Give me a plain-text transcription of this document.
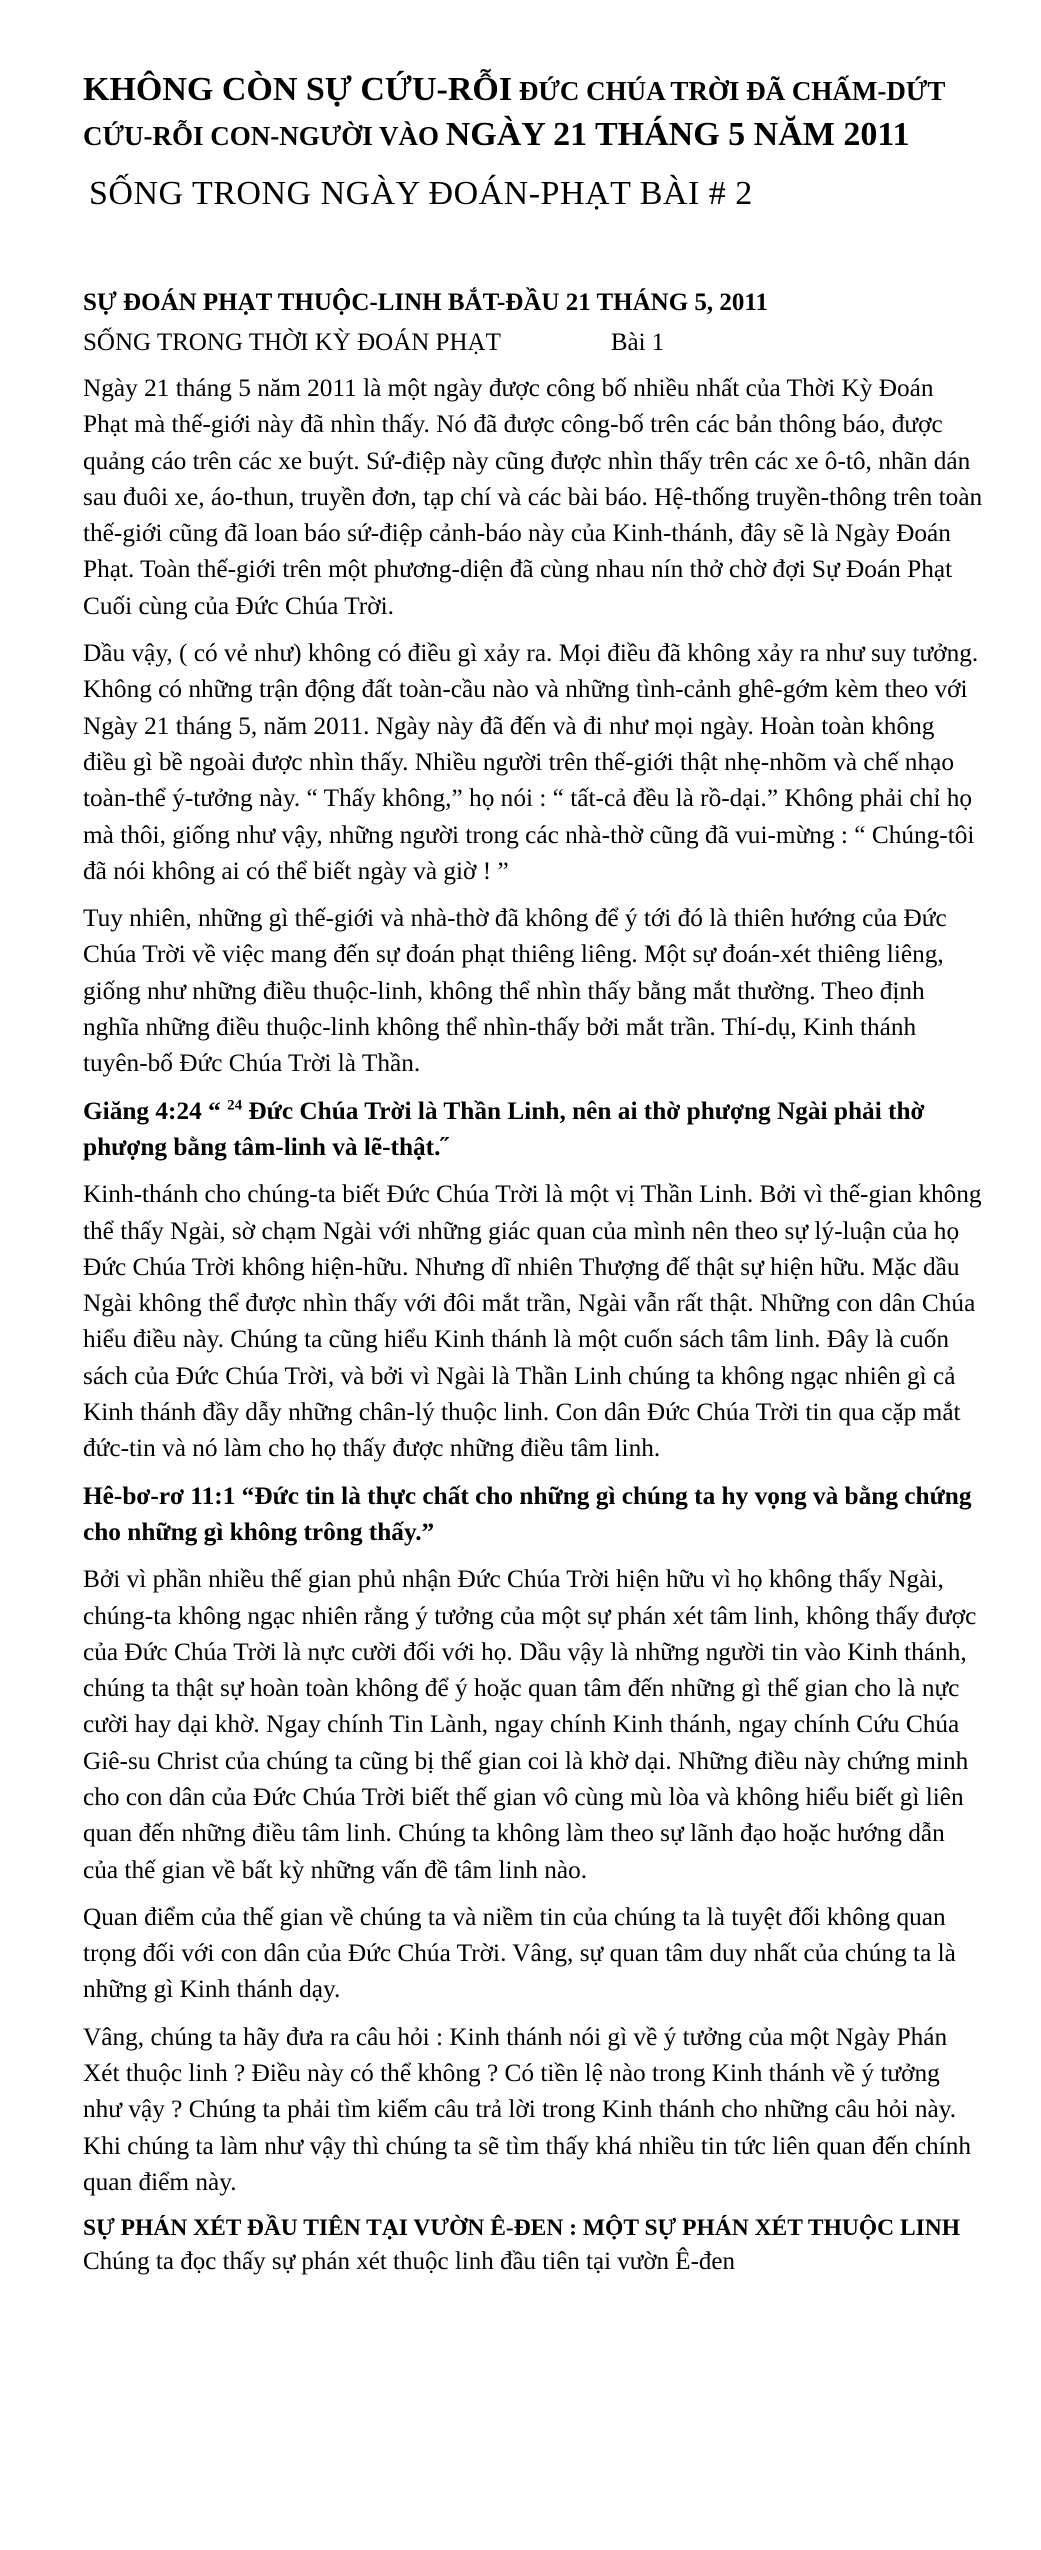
KHÔNG CÒN SỰ CỨU-RỖI ĐỨC CHÚA TRỜI ĐÃ CHẤM-DỨT CỨU-RỖI CON-NGƯỜI VÀO NGÀY 21 THÁNG 5 NĂM 2011
SỐNG TRONG NGÀY ĐOÁN-PHẠT BÀI # 2
SỰ ĐOÁN PHẠT THUỘC-LINH BẮT-ĐẦU 21 THÁNG 5, 2011
SỐNG TRONG THỜI KỲ ĐOÁN PHẠT	Bài 1

Ngày 21 tháng 5 năm 2011 là một ngày được công bố nhiều nhất của Thời Kỳ Đoán Phạt mà thế-giới này đã nhìn thấy. Nó đã được công-bố trên các bản thông báo, được quảng cáo trên các xe buýt. Sứ-điệp này cũng được nhìn thấy trên các xe ô-tô, nhãn dán sau đuôi xe, áo-thun, truyền đơn, tạp chí và các bài báo. Hệ-thống truyền-thông trên toàn thế-giới cũng đã loan báo sứ-điệp cảnh-báo này của Kinh-thánh, đây sẽ là Ngày Đoán Phạt. Toàn thế-giới trên một phương-diện đã cùng nhau nín thở chờ đợi Sự Đoán Phạt Cuối cùng của Đức Chúa Trời.

Dầu vậy, ( có vẻ như) không có điều gì xảy ra. Mọi điều đã không xảy ra như suy tưởng. Không có những trận động đất toàn-cầu nào và những tình-cảnh ghê-gớm kèm theo với Ngày 21 tháng 5, năm 2011. Ngày này đã đến và đi như mọi ngày. Hoàn toàn không điều gì bề ngoài được nhìn thấy. Nhiều người trên thế-giới thật nhẹ-nhõm và chế nhạo toàn-thể ý-tưởng này. “ Thấy không,” họ nói : “ tất-cả đều là rồ-dại.” Không phải chỉ họ mà thôi, giống như vậy, những người trong các nhà-thờ cũng đã vui-mừng : “ Chúng-tôi đã nói không ai có thể biết ngày và giờ ! ”

Tuy nhiên, những gì thế-giới và nhà-thờ đã không để ý tới đó là thiên hướng của Đức Chúa Trời về việc mang đến sự đoán phạt thiêng liêng. Một sự đoán-xét thiêng liêng, giống như những điều thuộc-linh, không thể nhìn thấy bằng mắt thường. Theo định nghĩa những điều thuộc-linh không thể nhìn-thấy bởi mắt trần. Thí-dụ, Kinh thánh tuyên-bố Đức Chúa Trời là Thần.

Giăng 4:24 “ $^{24}$ Đức Chúa Trời là Thần Linh, nên ai thờ phượng Ngài phải thờ phượng bằng tâm-linh và lẽ-thật.˝

Kinh-thánh cho chúng-ta biết Đức Chúa Trời là một vị Thần Linh. Bởi vì thế-gian không thể thấy Ngài, sờ chạm Ngài với những giác quan của mình nên theo sự lý-luận của họ Đức Chúa Trời không hiện-hữu. Nhưng dĩ nhiên Thượng đế thật sự hiện hữu. Mặc dầu Ngài không thể được nhìn thấy với đôi mắt trần, Ngài vẫn rất thật. Những con dân Chúa hiểu điều này. Chúng ta cũng hiểu Kinh thánh là một cuốn sách tâm linh. Đây là cuốn sách của Đức Chúa Trời, và bởi vì Ngài là Thần Linh chúng ta không ngạc nhiên gì cả Kinh thánh đầy dẫy những chân-lý thuộc linh. Con dân Đức Chúa Trời tin qua cặp mắt đức-tin và nó làm cho họ thấy được những điều tâm linh.

Hê-bơ-rơ 11:1 “Đức tin là thực chất cho những gì chúng ta hy vọng và bằng chứng cho những gì không trông thấy.”

Bởi vì phần nhiều thế gian phủ nhận Đức Chúa Trời hiện hữu vì họ không thấy Ngài, chúng-ta không ngạc nhiên rằng ý tưởng của một sự phán xét tâm linh, không thấy được của Đức Chúa Trời là nực cười đối với họ. Dầu vậy là những người tin vào Kinh thánh, chúng ta thật sự hoàn toàn không để ý hoặc quan tâm đến những gì thế gian cho là nực cười hay dại khờ. Ngay chính Tin Lành, ngay chính Kinh thánh, ngay chính Cứu Chúa Giê-su Christ của chúng ta cũng bị thế gian coi là khờ dại. Những điều này chứng minh cho con dân của Đức Chúa Trời biết thế gian vô cùng mù lòa và không hiểu biết gì liên quan đến những điều tâm linh. Chúng ta không làm theo sự lãnh đạo hoặc hướng dẫn của thế gian về bất kỳ những vấn đề tâm linh nào.

Quan điểm của thế gian về chúng ta và niềm tin của chúng ta là tuyệt đối không quan trọng đối với con dân của Đức Chúa Trời. Vâng, sự quan tâm duy nhất của chúng ta là những gì Kinh thánh dạy.

Vâng, chúng ta hãy đưa ra câu hỏi : Kinh thánh nói gì về ý tưởng của một Ngày Phán Xét thuộc linh ? Điều này có thể không ? Có tiền lệ nào trong Kinh thánh về ý tưởng như vậy ? Chúng ta phải tìm kiếm câu trả lời trong Kinh thánh cho những câu hỏi này. Khi chúng ta làm như vậy thì chúng ta sẽ tìm thấy khá nhiều tin tức liên quan đến chính quan điểm này.

SỰ PHÁN XÉT ĐẦU TIÊN TẠI VƯỜN Ê-ĐEN : MỘT SỰ PHÁN XÉT THUỘC LINH
Chúng ta đọc thấy sự phán xét thuộc linh đầu tiên tại vườn Ê-đen
